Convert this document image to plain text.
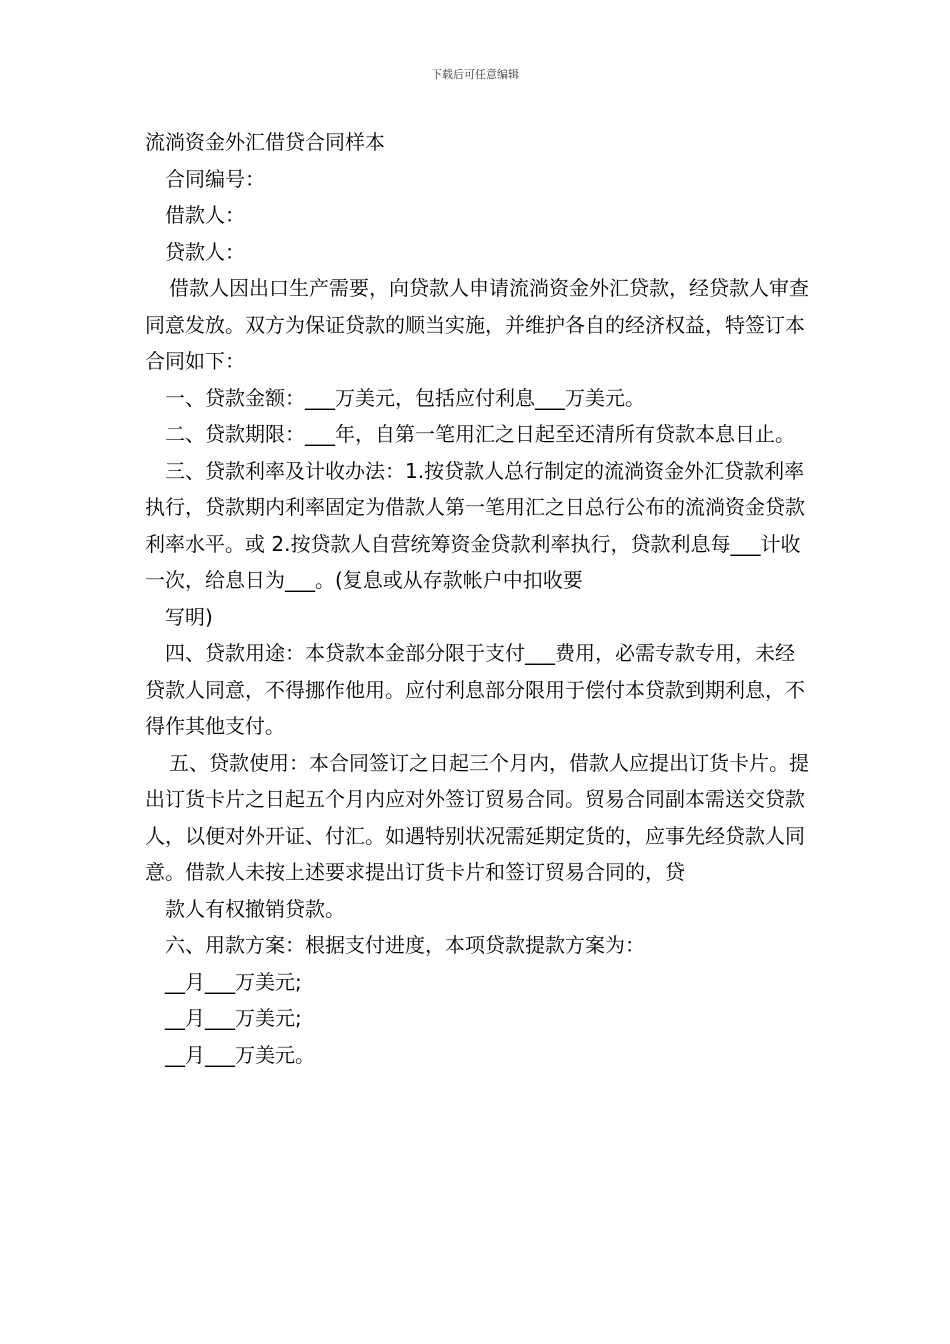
下载后可任意编辑

流淌资金外汇借贷合同样本

合同编号：

借款人：

贷款人：

借款人因出口生产需要，向贷款人申请流淌资金外汇贷款，经贷款人审查同意发放。双方为保证贷款的顺当实施，并维护各自的经济权益，特签订本合同如下：

一、贷款金额：___万美元，包括应付利息___万美元。

二、贷款期限：___年，自第一笔用汇之日起至还清所有贷款本息日止。

三、贷款利率及计收办法：1.按贷款人总行制定的流淌资金外汇贷款利率执行，贷款期内利率固定为借款人第一笔用汇之日总行公布的流淌资金贷款利率水平。或 2.按贷款人自营统筹资金贷款利率执行，贷款利息每___计收一次，给息日为___。(复息或从存款帐户中扣收要

写明)

四、贷款用途：本贷款本金部分限于支付___费用，必需专款专用，未经贷款人同意，不得挪作他用。应付利息部分限用于偿付本贷款到期利息，不得作其他支付。

五、贷款使用：本合同签订之日起三个月内，借款人应提出订货卡片。提出订货卡片之日起五个月内应对外签订贸易合同。贸易合同副本需送交贷款人，以便对外开证、付汇。如遇特别状况需延期定货的，应事先经贷款人同意。借款人未按上述要求提出订货卡片和签订贸易合同的，贷

款人有权撤销贷款。

六、用款方案：根据支付进度，本项贷款提款方案为：

__月___万美元;

__月___万美元;

__月___万美元。
